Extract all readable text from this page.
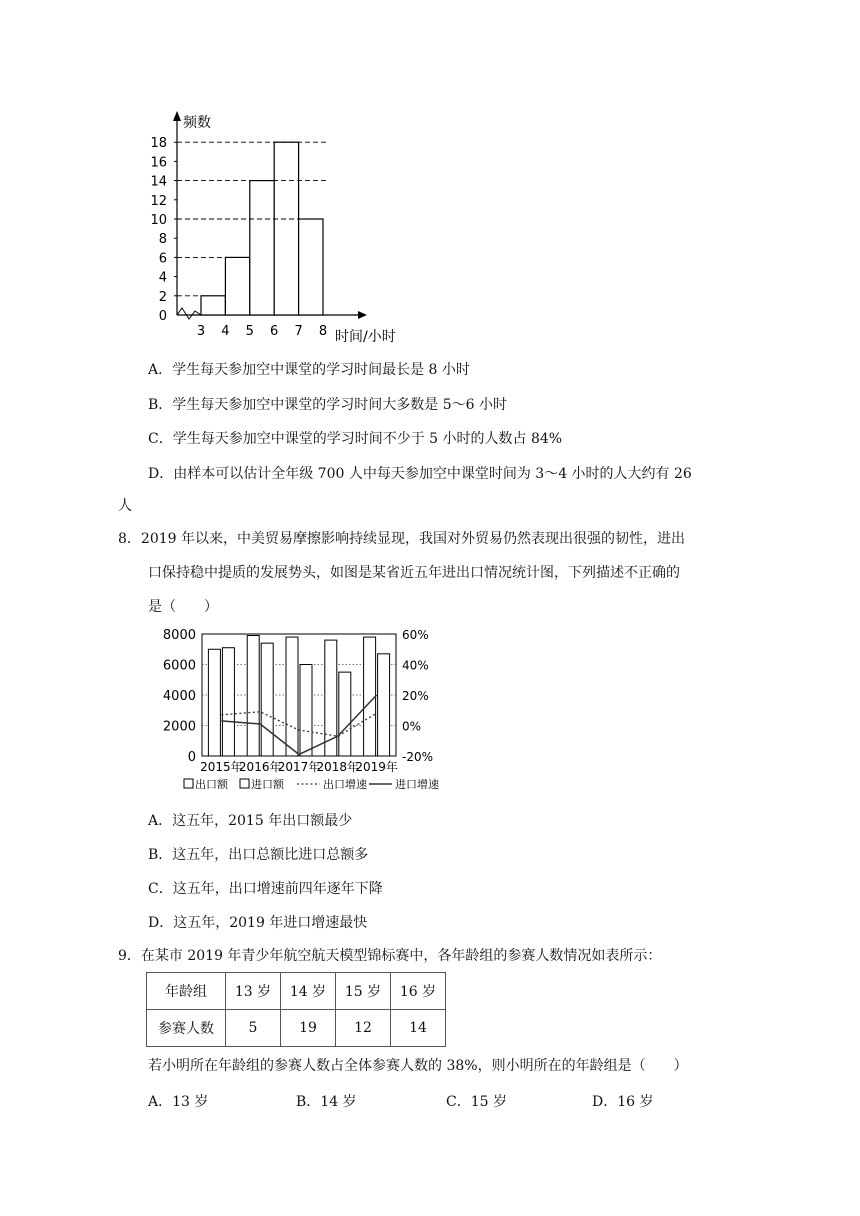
0
2
4
6
8
10
12
14
16
18
3 4 5 6 7 8
频数
时间/小时
A．学生每天参加空中课堂的学习时间最长是 8 小时
B．学生每天参加空中课堂的学习时间大多数是 5～6 小时
C．学生每天参加空中课堂的学习时间不少于 5 小时的人数占 84%
D．由样本可以估计全年级 700 人中每天参加空中课堂时间为 3～4 小时的人大约有 26
人
8．2019 年以来，中美贸易摩擦影响持续显现，我国对外贸易仍然表现出很强的韧性，进出
口保持稳中提质的发展势头，如图是某省近五年进出口情况统计图，下列描述不正确的
是（　　）
8000
6000
4000
2000
0
60%
40%
20%
0%
-20%
2015年
2016年
2017年
2018年
2019年
出口额 进口额	出口增速	进口增速
A．这五年，2015 年出口额最少
B．这五年，出口总额比进口总额多
C．这五年，出口增速前四年逐年下降
D．这五年，2019 年进口增速最快
9．在某市 2019 年青少年航空航天模型锦标赛中，各年龄组的参赛人数情况如表所示：
年龄组	13 岁	14 岁	15 岁	16 岁
参赛人数	5	19	12	14
若小明所在年龄组的参赛人数占全体参赛人数的 38%，则小明所在的年龄组是（　　）
A．13 岁	B．14 岁	C．15 岁	D．16 岁
